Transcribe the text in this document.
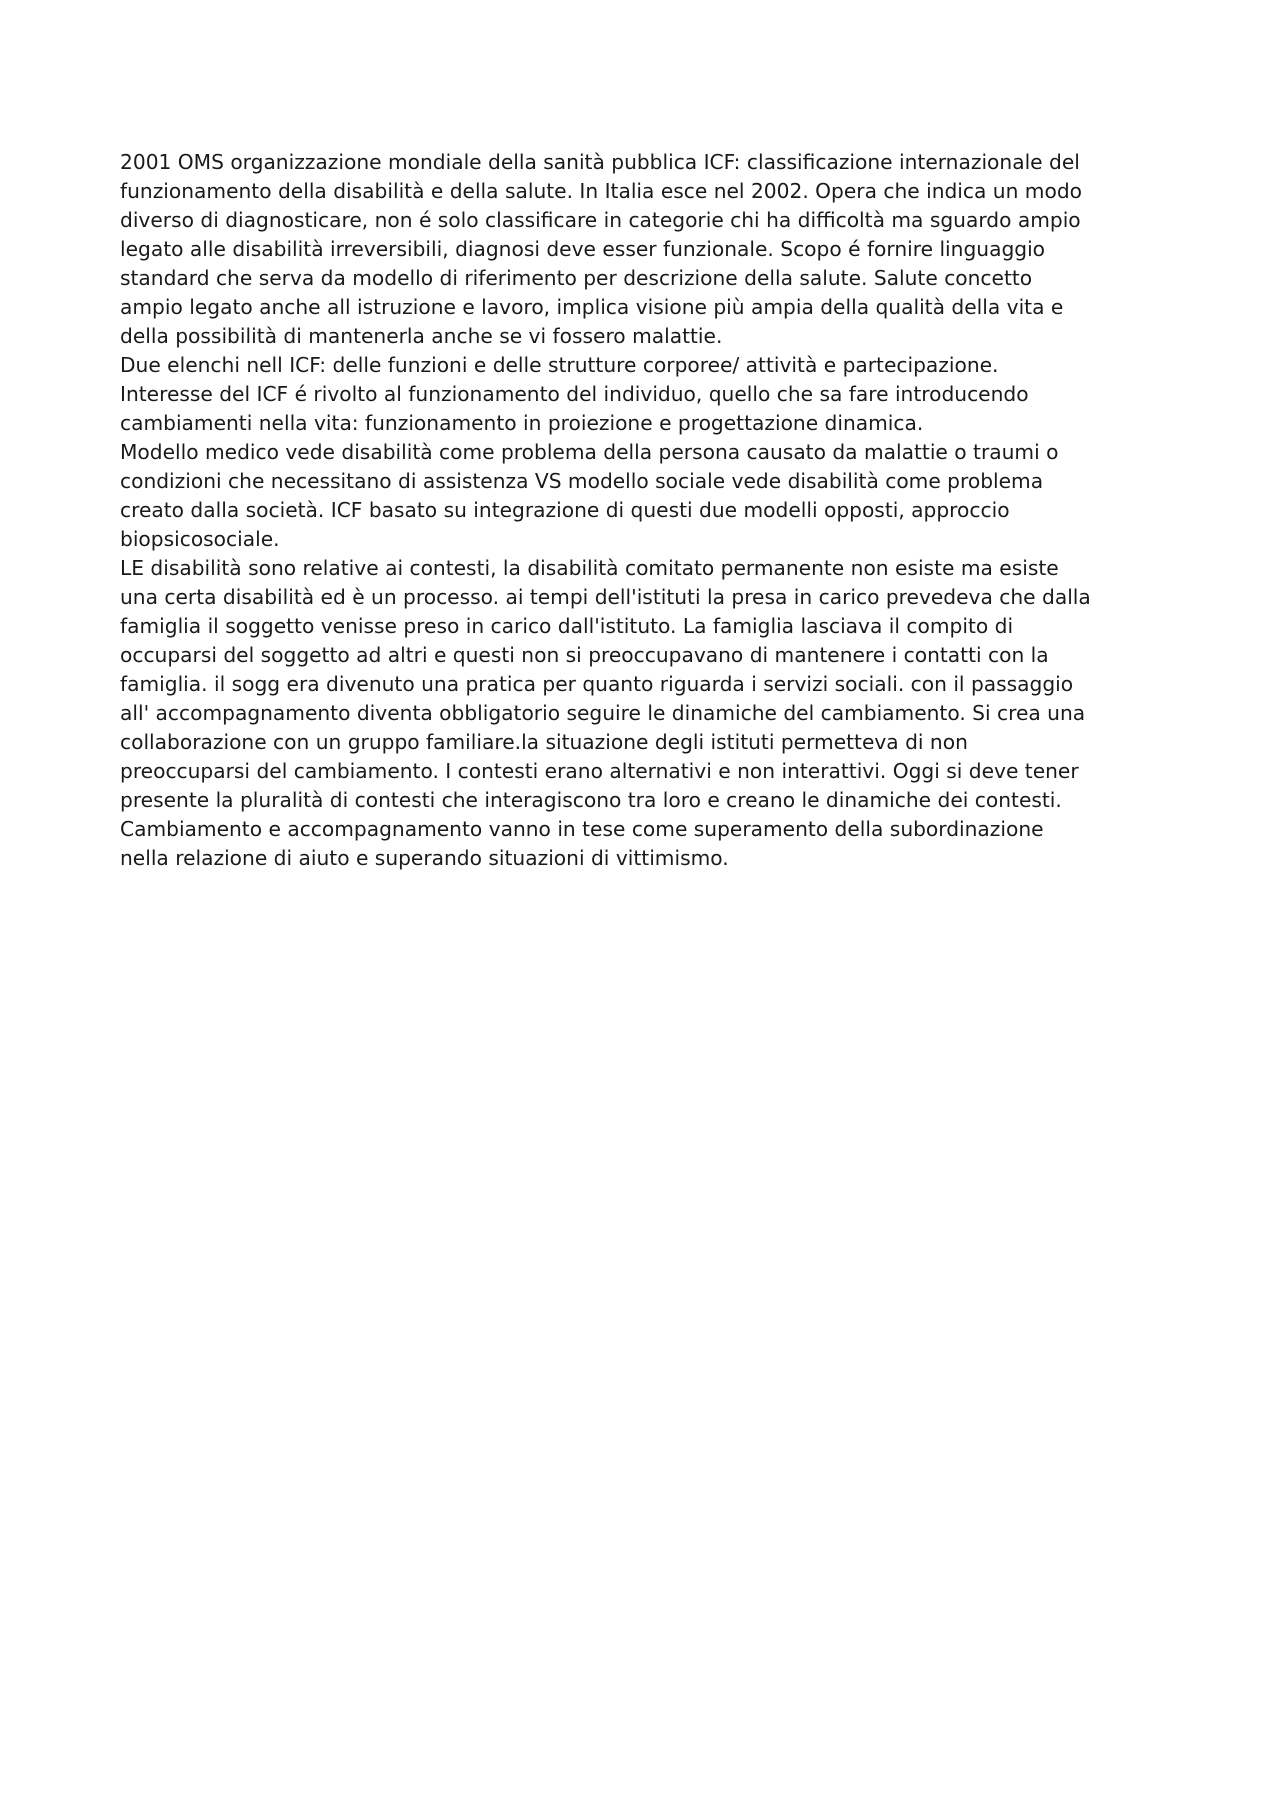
2001 OMS organizzazione mondiale della sanità pubblica ICF: classificazione internazionale del
funzionamento della disabilità e della salute. In Italia esce nel 2002. Opera che indica un modo
diverso di diagnosticare, non é solo classificare in categorie chi ha difficoltà ma sguardo ampio
legato alle disabilità irreversibili, diagnosi deve esser funzionale. Scopo é fornire linguaggio
standard che serva da modello di riferimento per descrizione della salute. Salute concetto
ampio legato anche all istruzione e lavoro, implica visione più ampia della qualità della vita e
della possibilità di mantenerla anche se vi fossero malattie.
Due elenchi nell ICF: delle funzioni e delle strutture corporee/ attività e partecipazione.
Interesse del ICF é rivolto al funzionamento del individuo, quello che sa fare introducendo
cambiamenti nella vita: funzionamento in proiezione e progettazione dinamica.
Modello medico vede disabilità come problema della persona causato da malattie o traumi o
condizioni che necessitano di assistenza VS modello sociale vede disabilità come problema
creato dalla società. ICF basato su integrazione di questi due modelli opposti, approccio
biopsicosociale.
LE disabilità sono relative ai contesti, la disabilità comitato permanente non esiste ma esiste
una certa disabilità ed è un processo. ai tempi dell'istituti la presa in carico prevedeva che dalla
famiglia il soggetto venisse preso in carico dall'istituto. La famiglia lasciava il compito di
occuparsi del soggetto ad altri e questi non si preoccupavano di mantenere i contatti con la
famiglia. il sogg era divenuto una pratica per quanto riguarda i servizi sociali. con il passaggio
all' accompagnamento diventa obbligatorio seguire le dinamiche del cambiamento. Si crea una
collaborazione con un gruppo familiare.la situazione degli istituti permetteva di non
preoccuparsi del cambiamento. I contesti erano alternativi e non interattivi. Oggi si deve tener
presente la pluralità di contesti che interagiscono tra loro e creano le dinamiche dei contesti.
Cambiamento e accompagnamento vanno in tese come superamento della subordinazione
nella relazione di aiuto e superando situazioni di vittimismo.
